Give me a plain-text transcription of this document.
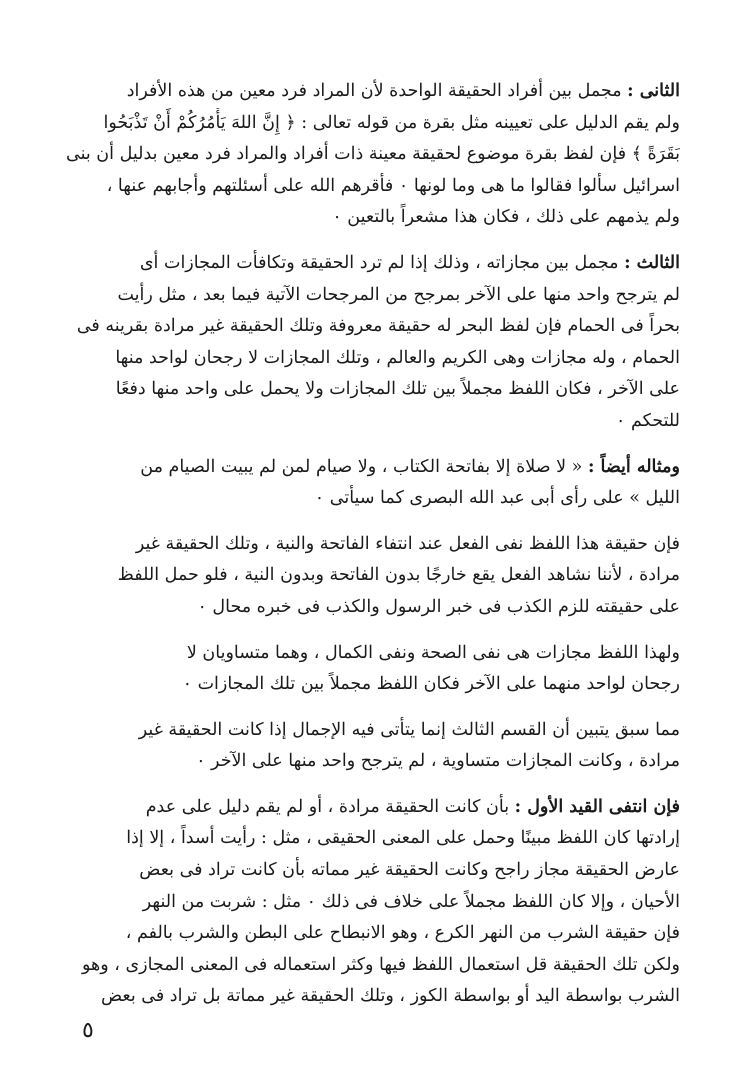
الثانى : مجمل بين أفراد الحقيقة الواحدة لأن المراد فرد معين من هذه الأفراد
ولم يقم الدليل على تعيينه مثل بقرة من قوله تعالى : ﴿ إِنَّ اللهَ يَأْمُرُكُمْ أَنْ تَذْبَحُوا
بَقَرَةً ﴾ فإن لفظ بقرة موضوع لحقيقة معينة ذات أفراد والمراد فرد معين بدليل أن بنى
اسرائيل سألوا فقالوا ما هى وما لونها ٠ فأقرهم الله على أسئلتهم وأجابهم عنها ،
ولم يذمهم على ذلك ، فكان هذا مشعراً بالتعين ٠
الثالث : مجمل بين مجازاته ، وذلك إذا لم ترد الحقيقة وتكافأت المجازات أى
لم يترجح واحد منها على الآخر بمرجح من المرجحات الآتية فيما بعد ، مثل رأيت
بحراً فى الحمام فإن لفظ البحر له حقيقة معروفة وتلك الحقيقة غير مرادة بقرينه فى
الحمام ، وله مجازات وهى الكريم والعالم ، وتلك المجازات لا رجحان لواحد منها
على الآخر ، فكان اللفظ مجملاً بين تلك المجازات ولا يحمل على واحد منها دفعًا
للتحكم ٠
ومثاله أيضاً : « لا صلاة إلا بفاتحة الكتاب ، ولا صيام لمن لم يبيت الصيام من
الليل » على رأى أبى عبد الله البصرى كما سيأتى ٠
فإن حقيقة هذا اللفظ نفى الفعل عند انتفاء الفاتحة والنية ، وتلك الحقيقة غير
مرادة ، لأننا نشاهد الفعل يقع خارجًا بدون الفاتحة وبدون النية ، فلو حمل اللفظ
على حقيقته للزم الكذب فى خبر الرسول والكذب فى خبره محال ٠
ولهذا اللفظ مجازات هى نفى الصحة ونفى الكمال ، وهما متساويان لا
رجحان لواحد منهما على الآخر فكان اللفظ مجملاً بين تلك المجازات ٠
مما سبق يتبين أن القسم الثالث إنما يتأتى فيه الإجمال إذا كانت الحقيقة غير
مرادة ، وكانت المجازات متساوية ، لم يترجح واحد منها على الآخر ٠
فإن انتفى القيد الأول : بأن كانت الحقيقة مرادة ، أو لم يقم دليل على عدم
إرادتها كان اللفظ مبينًا وحمل على المعنى الحقيقى ، مثل : رأيت أسداً ، إلا إذا
عارض الحقيقة مجاز راجح وكانت الحقيقة غير مماته بأن كانت تراد فى بعض
الأحيان ، وإلا كان اللفظ مجملاً على خلاف فى ذلك ٠ مثل : شربت من النهر
فإن حقيقة الشرب من النهر الكرع ، وهو الانبطاح على البطن والشرب بالفم ،
ولكن تلك الحقيقة قل استعمال اللفظ فيها وكثر استعماله فى المعنى المجازى ، وهو
الشرب بواسطة اليد أو بواسطة الكوز ، وتلك الحقيقة غير مماتة بل تراد فى بعض
٥
